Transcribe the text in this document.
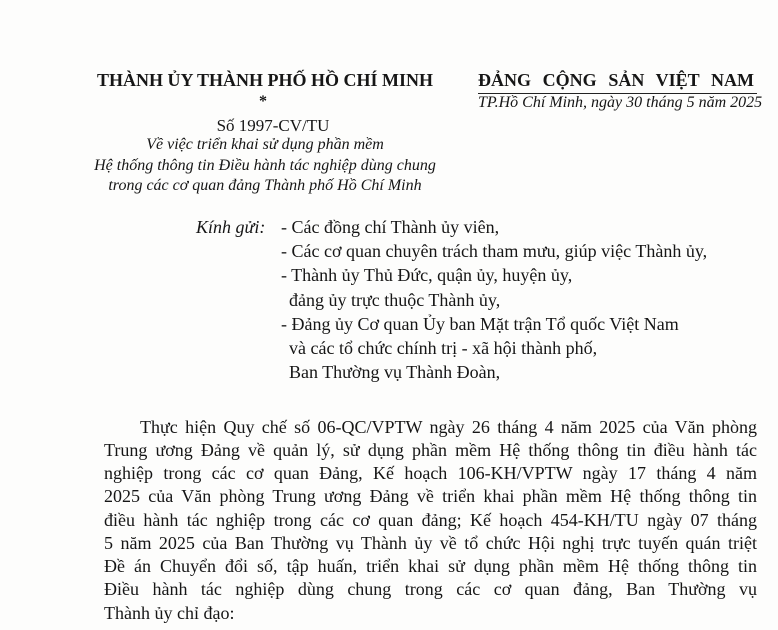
THÀNH ỦY THÀNH PHỐ HỒ CHÍ MINH
*
Số 1997-CV/TU
Về việc triển khai sử dụng phần mềm
Hệ thống thông tin Điều hành tác nghiệp dùng chung
trong các cơ quan đảng Thành phố Hồ Chí Minh
ĐẢNG CỘNG SẢN VIỆT NAM
TP.Hồ Chí Minh, ngày 30 tháng 5 năm 2025
Kính gửi: - Các đồng chí Thành ủy viên,
- Các cơ quan chuyên trách tham mưu, giúp việc Thành ủy,
- Thành ủy Thủ Đức, quận ủy, huyện ủy,
đảng ủy trực thuộc Thành ủy,
- Đảng ủy Cơ quan Ủy ban Mặt trận Tổ quốc Việt Nam
và các tổ chức chính trị - xã hội thành phố,
Ban Thường vụ Thành Đoàn,
Thực hiện Quy chế số 06-QC/VPTW ngày 26 tháng 4 năm 2025 của Văn phòng
Trung ương Đảng về quản lý, sử dụng phần mềm Hệ thống thông tin điều hành tác
nghiệp trong các cơ quan Đảng, Kế hoạch 106-KH/VPTW ngày 17 tháng 4 năm
2025 của Văn phòng Trung ương Đảng về triển khai phần mềm Hệ thống thông tin
điều hành tác nghiệp trong các cơ quan đảng; Kế hoạch 454-KH/TU ngày 07 tháng
5 năm 2025 của Ban Thường vụ Thành ủy về tổ chức Hội nghị trực tuyến quán triệt
Đề án Chuyển đổi số, tập huấn, triển khai sử dụng phần mềm Hệ thống thông tin
Điều hành tác nghiệp dùng chung trong các cơ quan đảng, Ban Thường vụ
Thành ủy chỉ đạo:
